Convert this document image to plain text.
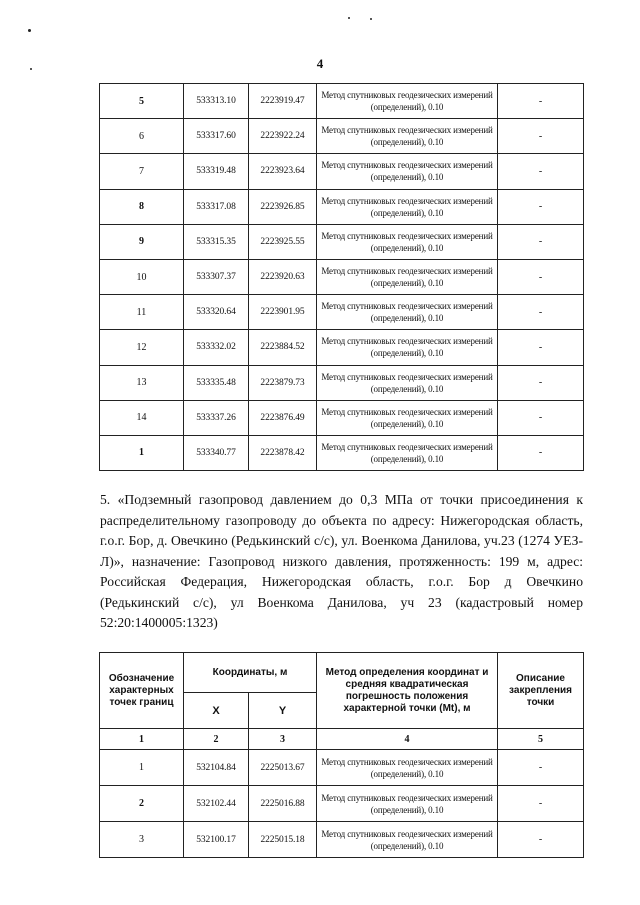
4
5	533313.10	2223919.47	Метод спутниковых геодезических измерений (определений), 0.10	-
6	533317.60	2223922.24	Метод спутниковых геодезических измерений (определений), 0.10	-
7	533319.48	2223923.64	Метод спутниковых геодезических измерений (определений), 0.10	-
8	533317.08	2223926.85	Метод спутниковых геодезических измерений (определений), 0.10	-
9	533315.35	2223925.55	Метод спутниковых геодезических измерений (определений), 0.10	-
10	533307.37	2223920.63	Метод спутниковых геодезических измерений (определений), 0.10	-
11	533320.64	2223901.95	Метод спутниковых геодезических измерений (определений), 0.10	-
12	533332.02	2223884.52	Метод спутниковых геодезических измерений (определений), 0.10	-
13	533335.48	2223879.73	Метод спутниковых геодезических измерений (определений), 0.10	-
14	533337.26	2223876.49	Метод спутниковых геодезических измерений (определений), 0.10	-
1	533340.77	2223878.42	Метод спутниковых геодезических измерений (определений), 0.10	-

5. «Подземный газопровод давлением до 0,3 МПа от точки присоединения к распределительному газопроводу до объекта по адресу: Нижегородская область, г.о.г. Бор, д. Овечкино (Редькинский с/с), ул. Военкома Данилова, уч.23 (1274 УЕЗ-Л)», назначение: Газопровод низкого давления, протяженность: 199 м, адрес: Российская Федерация, Нижегородская область, г.о.г. Бор д Овечкино (Редькинский с/с), ул Военкома Данилова, уч 23 (кадастровый номер 52:20:1400005:1323)

Обозначение характерных точек границ	Координаты, м		Метод определения координат и средняя квадратическая погрешность положения характерной точки (Mt), м	Описание закрепления точки
	X	Y		
1	2	3	4	5
1	532104.84	2225013.67	Метод спутниковых геодезических измерений (определений), 0.10	-
2	532102.44	2225016.88	Метод спутниковых геодезических измерений (определений), 0.10	-
3	532100.17	2225015.18	Метод спутниковых геодезических измерений (определений), 0.10	-
